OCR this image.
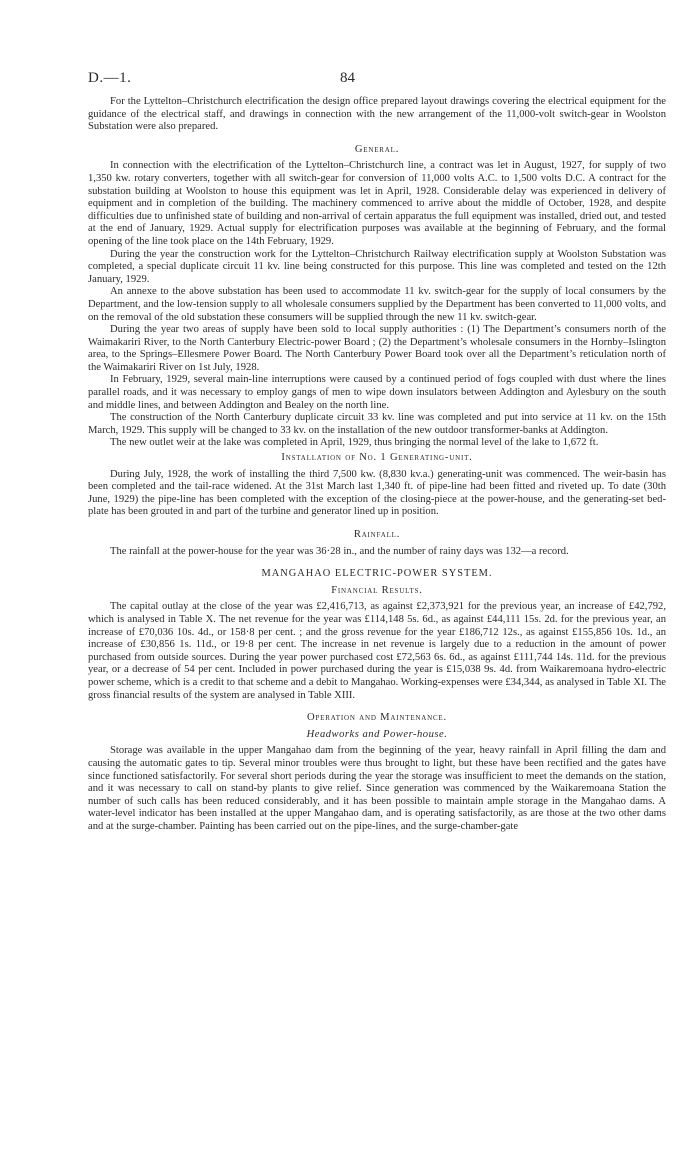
D.—1.	84

For the Lyttelton–Christchurch electrification the design office prepared layout drawings covering the electrical equipment for the guidance of the electrical staff, and drawings in connection with the new arrangement of the 11,000-volt switch-gear in Woolston Substation were also prepared.

General.

In connection with the electrification of the Lyttelton–Christchurch line, a contract was let in August, 1927, for supply of two 1,350 kw. rotary converters, together with all switch-gear for conversion of 11,000 volts A.C. to 1,500 volts D.C. A contract for the substation building at Woolston to house this equipment was let in April, 1928. Considerable delay was experienced in delivery of equipment and in completion of the building. The machinery commenced to arrive about the middle of October, 1928, and despite difficulties due to unfinished state of building and non-arrival of certain apparatus the full equipment was installed, dried out, and tested at the end of January, 1929. Actual supply for electrification purposes was available at the beginning of February, and the formal opening of the line took place on the 14th February, 1929.

During the year the construction work for the Lyttelton–Christchurch Railway electrification supply at Woolston Substation was completed, a special duplicate circuit 11 kv. line being constructed for this purpose. This line was completed and tested on the 12th January, 1929.

An annexe to the above substation has been used to accommodate 11 kv. switch-gear for the supply of local consumers by the Department, and the low-tension supply to all wholesale consumers supplied by the Department has been converted to 11,000 volts, and on the removal of the old substation these consumers will be supplied through the new 11 kv. switch-gear.

During the year two areas of supply have been sold to local supply authorities : (1) The Department’s consumers north of the Waimakariri River, to the North Canterbury Electric-power Board ; (2) the Department’s wholesale consumers in the Hornby–Islington area, to the Springs–Ellesmere Power Board. The North Canterbury Power Board took over all the Department’s reticulation north of the Waimakariri River on 1st July, 1928.

In February, 1929, several main-line interruptions were caused by a continued period of fogs coupled with dust where the lines parallel roads, and it was necessary to employ gangs of men to wipe down insulators between Addington and Aylesbury on the south and middle lines, and between Addington and Bealey on the north line.

The construction of the North Canterbury duplicate circuit 33 kv. line was completed and put into service at 11 kv. on the 15th March, 1929. This supply will be changed to 33 kv. on the installation of the new outdoor transformer-banks at Addington.

The new outlet weir at the lake was completed in April, 1929, thus bringing the normal level of the lake to 1,672 ft.

Installation of No. 1 Generating-unit.

During July, 1928, the work of installing the third 7,500 kw. (8,830 kv.a.) generating-unit was commenced. The weir-basin has been completed and the tail-race widened. At the 31st March last 1,340 ft. of pipe-line had been fitted and riveted up. To date (30th June, 1929) the pipe-line has been completed with the exception of the closing-piece at the power-house, and the generating-set bed-plate has been grouted in and part of the turbine and generator lined up in position.

Rainfall.

The rainfall at the power-house for the year was 36·28 in., and the number of rainy days was 132—a record.

MANGAHAO ELECTRIC-POWER SYSTEM.
Financial Results.

The capital outlay at the close of the year was £2,416,713, as against £2,373,921 for the previous year, an increase of £42,792, which is analysed in Table X. The net revenue for the year was £114,148 5s. 6d., as against £44,111 15s. 2d. for the previous year, an increase of £70,036 10s. 4d., or 158·8 per cent. ; and the gross revenue for the year £186,712 12s., as against £155,856 10s. 1d., an increase of £30,856 1s. 11d., or 19·8 per cent. The increase in net revenue is largely due to a reduction in the amount of power purchased from outside sources. During the year power purchased cost £72,563 6s. 6d., as against £111,744 14s. 11d. for the previous year, or a decrease of 54 per cent. Included in power purchased during the year is £15,038 9s. 4d. from Waikaremoana hydro-electric power scheme, which is a credit to that scheme and a debit to Mangahao. Working-expenses were £34,344, as analysed in Table XI. The gross financial results of the system are analysed in Table XIII.

Operation and Maintenance.
Headworks and Power-house.

Storage was available in the upper Mangahao dam from the beginning of the year, heavy rainfall in April filling the dam and causing the automatic gates to tip. Several minor troubles were thus brought to light, but these have been rectified and the gates have since functioned satisfactorily. For several short periods during the year the storage was insufficient to meet the demands on the station, and it was necessary to call on stand-by plants to give relief. Since generation was commenced by the Waikaremoana Station the number of such calls has been reduced considerably, and it has been possible to maintain ample storage in the Mangahao dams. A water-level indicator has been installed at the upper Mangahao dam, and is operating satisfactorily, as are those at the two other dams and at the surge-chamber. Painting has been carried out on the pipe-lines, and the surge-chamber-gate
